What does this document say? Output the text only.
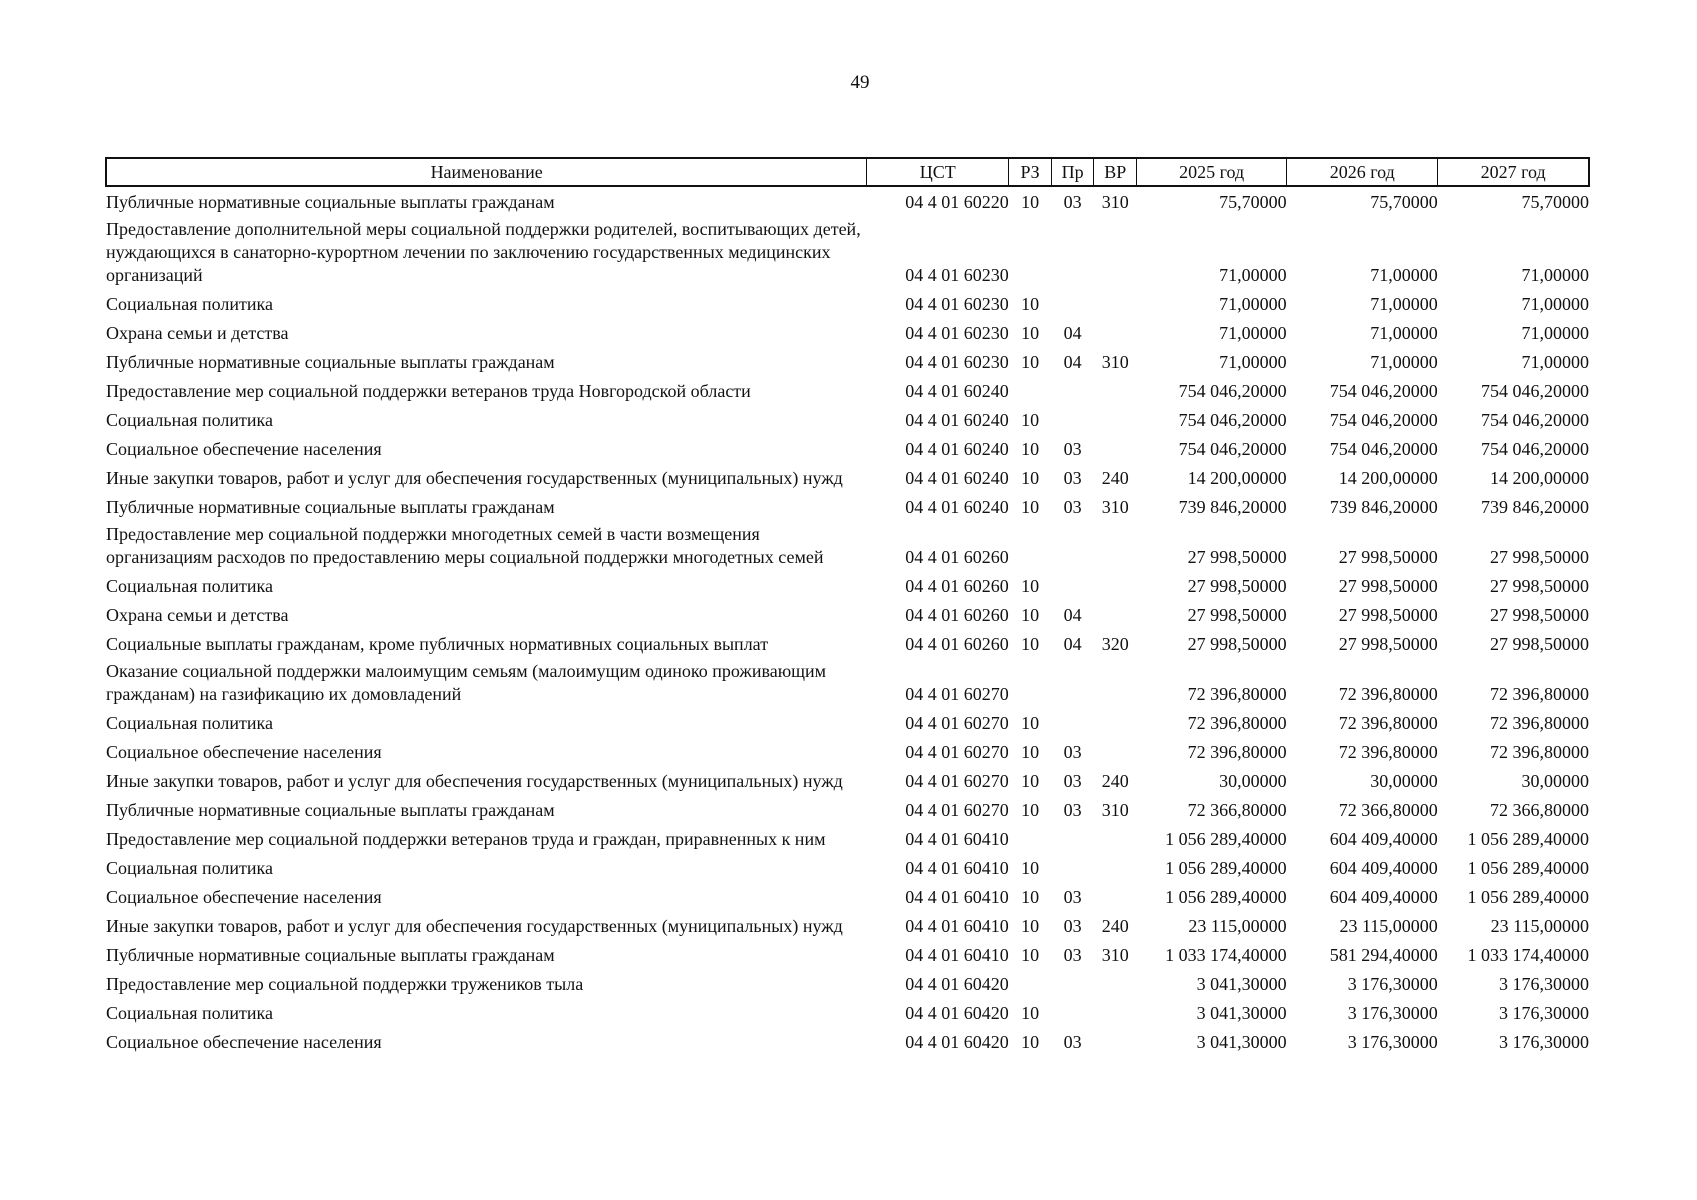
49
Наименование	ЦСТ	РЗ	Пр	ВР	2025 год	2026 год	2027 год
Публичные нормативные социальные выплаты гражданам	04 4 01 60220	10	03	310	75,70000	75,70000	75,70000
Предоставление дополнительной меры социальной поддержки родителей, воспитывающих детей, нуждающихся в санаторно-курортном лечении по заключению государственных медицинских организаций	04 4 01 60230				71,00000	71,00000	71,00000
Социальная политика	04 4 01 60230	10			71,00000	71,00000	71,00000
Охрана семьи и детства	04 4 01 60230	10	04		71,00000	71,00000	71,00000
Публичные нормативные социальные выплаты гражданам	04 4 01 60230	10	04	310	71,00000	71,00000	71,00000
Предоставление мер социальной поддержки ветеранов труда Новгородской области	04 4 01 60240				754 046,20000	754 046,20000	754 046,20000
Социальная политика	04 4 01 60240	10			754 046,20000	754 046,20000	754 046,20000
Социальное обеспечение населения	04 4 01 60240	10	03		754 046,20000	754 046,20000	754 046,20000
Иные закупки товаров, работ и услуг для обеспечения государственных (муниципальных) нужд	04 4 01 60240	10	03	240	14 200,00000	14 200,00000	14 200,00000
Публичные нормативные социальные выплаты гражданам	04 4 01 60240	10	03	310	739 846,20000	739 846,20000	739 846,20000
Предоставление мер социальной поддержки многодетных семей в части возмещения организациям расходов по предоставлению меры социальной поддержки многодетных семей	04 4 01 60260				27 998,50000	27 998,50000	27 998,50000
Социальная политика	04 4 01 60260	10			27 998,50000	27 998,50000	27 998,50000
Охрана семьи и детства	04 4 01 60260	10	04		27 998,50000	27 998,50000	27 998,50000
Социальные выплаты гражданам, кроме публичных нормативных социальных выплат	04 4 01 60260	10	04	320	27 998,50000	27 998,50000	27 998,50000
Оказание социальной поддержки малоимущим семьям (малоимущим одиноко проживающим гражданам) на газификацию их домовладений	04 4 01 60270				72 396,80000	72 396,80000	72 396,80000
Социальная политика	04 4 01 60270	10			72 396,80000	72 396,80000	72 396,80000
Социальное обеспечение населения	04 4 01 60270	10	03		72 396,80000	72 396,80000	72 396,80000
Иные закупки товаров, работ и услуг для обеспечения государственных (муниципальных) нужд	04 4 01 60270	10	03	240	30,00000	30,00000	30,00000
Публичные нормативные социальные выплаты гражданам	04 4 01 60270	10	03	310	72 366,80000	72 366,80000	72 366,80000
Предоставление мер социальной поддержки ветеранов труда и граждан, приравненных к ним	04 4 01 60410				1 056 289,40000	604 409,40000	1 056 289,40000
Социальная политика	04 4 01 60410	10			1 056 289,40000	604 409,40000	1 056 289,40000
Социальное обеспечение населения	04 4 01 60410	10	03		1 056 289,40000	604 409,40000	1 056 289,40000
Иные закупки товаров, работ и услуг для обеспечения государственных (муниципальных) нужд	04 4 01 60410	10	03	240	23 115,00000	23 115,00000	23 115,00000
Публичные нормативные социальные выплаты гражданам	04 4 01 60410	10	03	310	1 033 174,40000	581 294,40000	1 033 174,40000
Предоставление мер социальной поддержки тружеников тыла	04 4 01 60420				3 041,30000	3 176,30000	3 176,30000
Социальная политика	04 4 01 60420	10			3 041,30000	3 176,30000	3 176,30000
Социальное обеспечение населения	04 4 01 60420	10	03		3 041,30000	3 176,30000	3 176,30000
